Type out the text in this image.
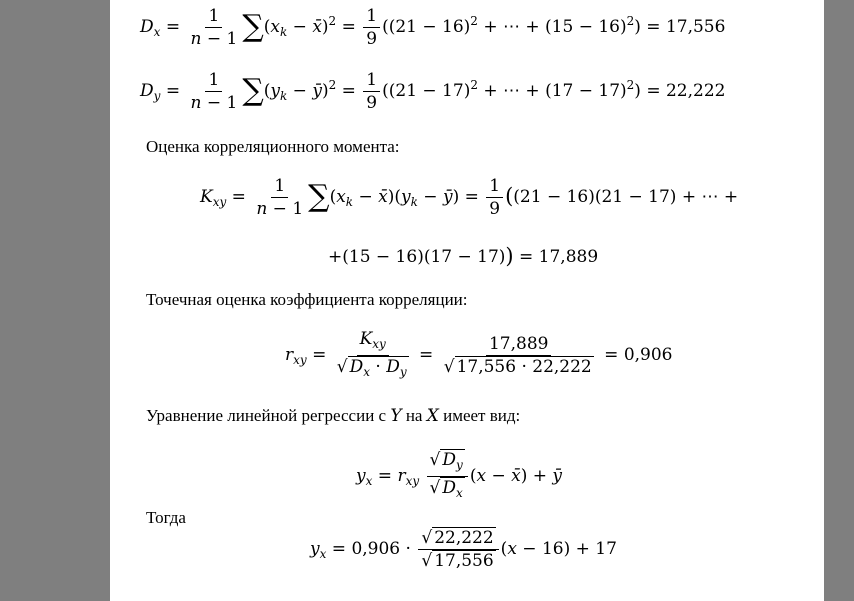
$D_x = \frac{1}{n - 1} \sum(x_k$ − x̄)$^2$ = $\frac{1}{9} ((21 - 16)^2$ + ⋯ + $(15 - 16)^2) = 17,556$
$D_y = \frac{1}{n - 1} \sum(y_k$ − ȳ)$^2$ = $\frac{1}{9} ((21 - 17)^2$ + ⋯ + $(17 - 17)^2) = 22,222$
Оценка корреляционного момента:
$K_{xy} = \frac{1}{n - 1} \sum(x_k$ − $x̄)(y_k$ − ȳ) = $\frac{1}{9} ((21 - 16)(21 - 17)$ + ⋯ +
+(15 − 16)(17 − 17)) = 17,889
Точечная оценка коэффициента корреляции:
$r_{xy} = \frac{K_{xy}}{√ D_x \cdot D_y} = \frac{17,889}{√ 17,556 \cdot 22,222} = 0,906$
Уравнение линейной регрессии с Y на X имеет вид:
$y_x = r_{xy} \frac{√ D_y}{√ D_x} (x$ − x̄) + ȳ
Тогда
$y_x = 0,906 \cdot \frac{√ 22,222}{√ 17,556} (x - 16) + 17$
